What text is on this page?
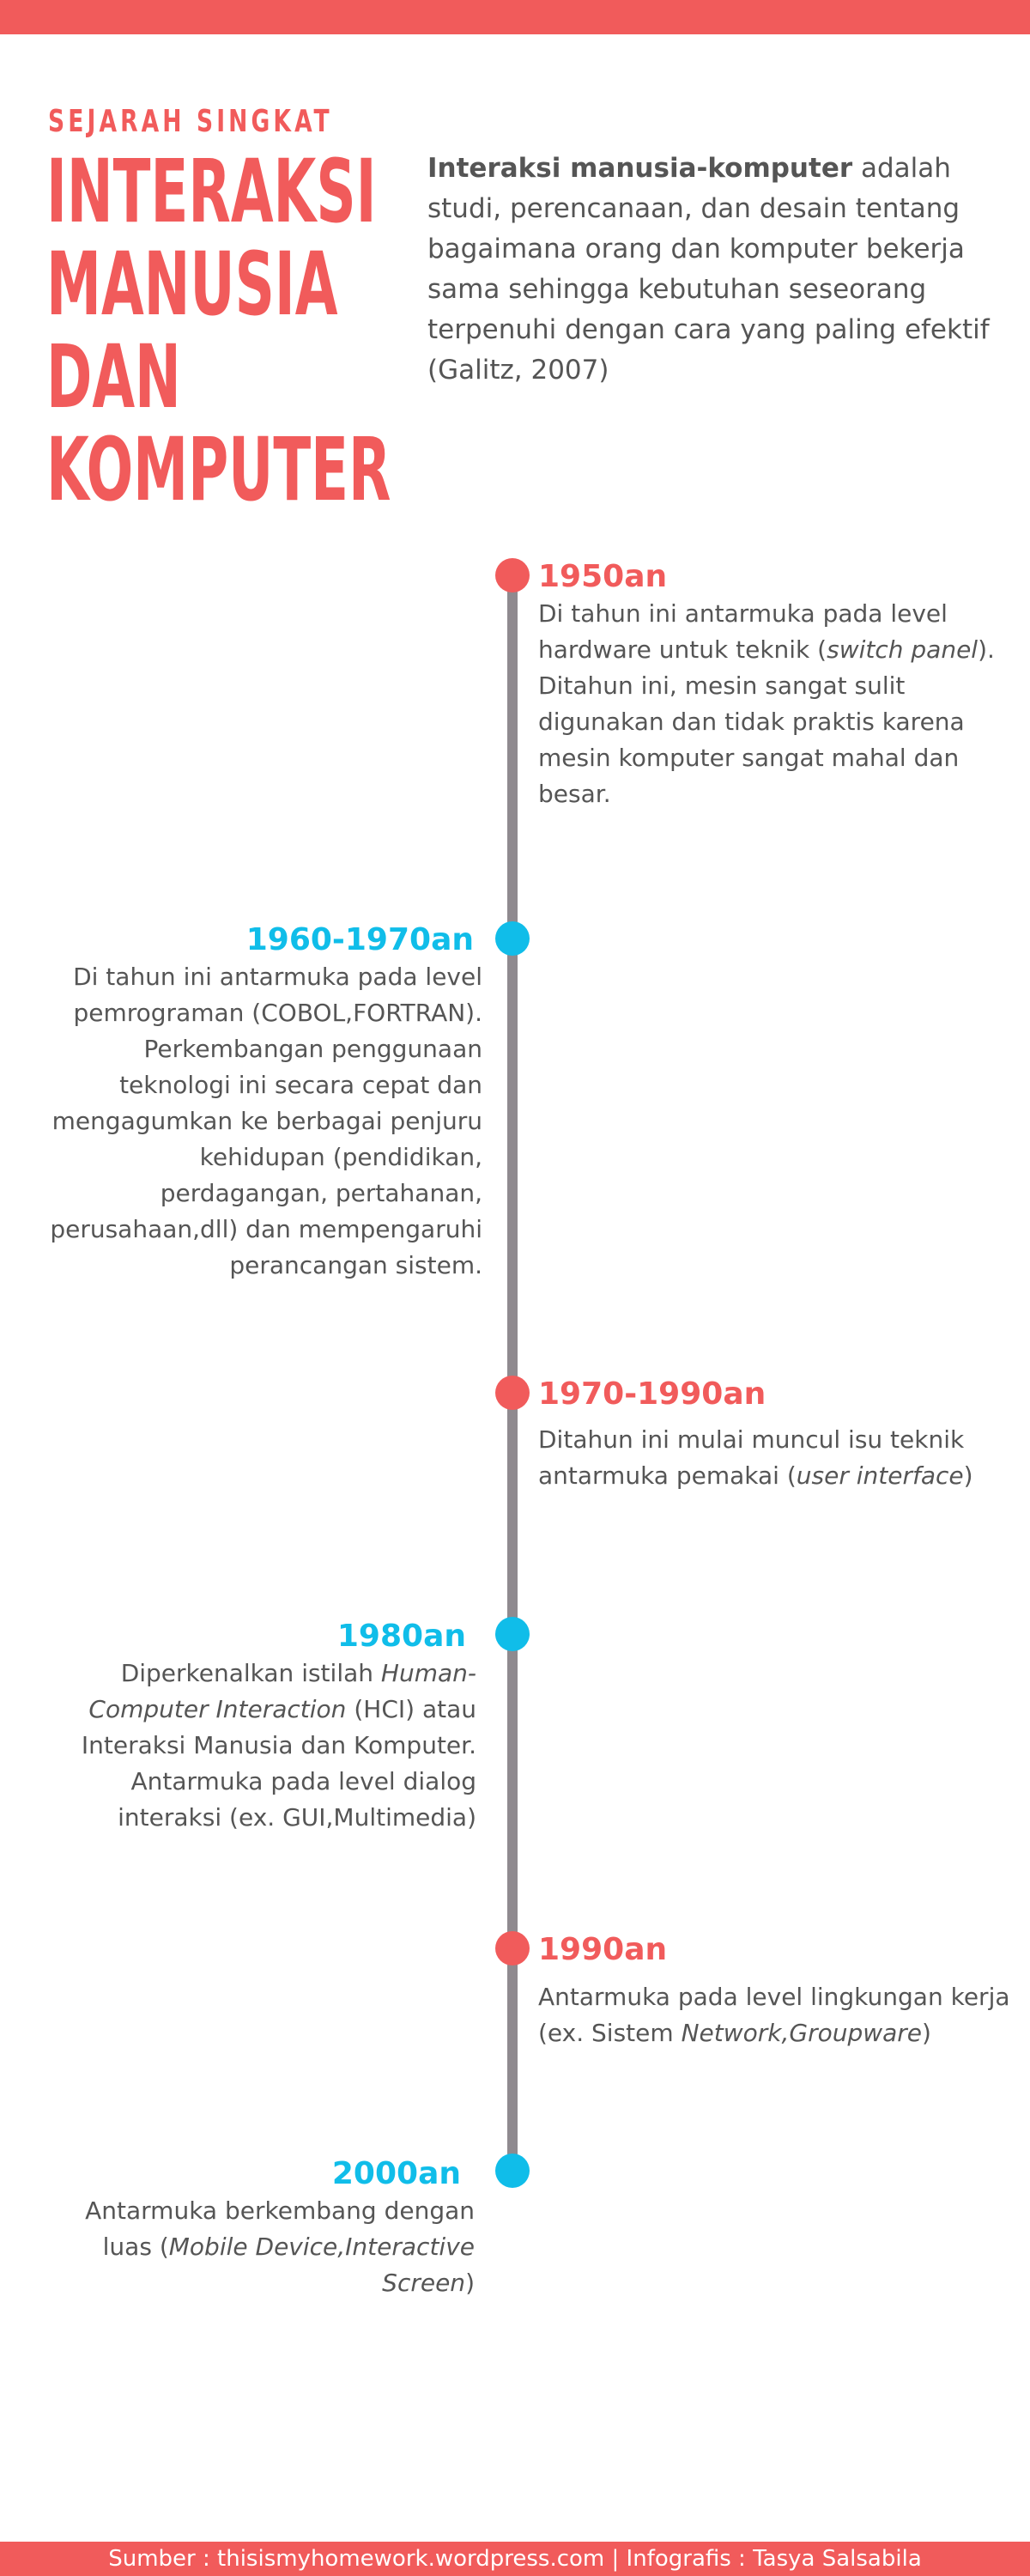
SEJARAH SINGKAT
INTERAKSI
MANUSIA
DAN
KOMPUTER

Interaksi manusia-komputer adalah studi, perencanaan, dan desain tentang bagaimana orang dan komputer bekerja sama sehingga kebutuhan seseorang terpenuhi dengan cara yang paling efektif (Galitz, 2007)

1950an
Di tahun ini antarmuka pada level hardware untuk teknik (switch panel). Ditahun ini, mesin sangat sulit digunakan dan tidak praktis karena mesin komputer sangat mahal dan besar.
1960-1970an
Di tahun ini antarmuka pada level pemrograman (COBOL,FORTRAN). Perkembangan penggunaan teknologi ini secara cepat dan mengagumkan ke berbagai penjuru kehidupan (pendidikan, perdagangan, pertahanan, perusahaan,dll) dan mempengaruhi perancangan sistem.
1970-1990an
Ditahun ini mulai muncul isu teknik antarmuka pemakai (user interface)
1980an
Diperkenalkan istilah Human-Computer Interaction (HCI) atau Interaksi Manusia dan Komputer. Antarmuka pada level dialog interaksi (ex. GUI,Multimedia)
1990an
Antarmuka pada level lingkungan kerja (ex. Sistem Network,Groupware)
2000an
Antarmuka berkembang dengan luas (Mobile Device,Interactive Screen)
Sumber : thisismyhomework.wordpress.com | Infografis : Tasya Salsabila
